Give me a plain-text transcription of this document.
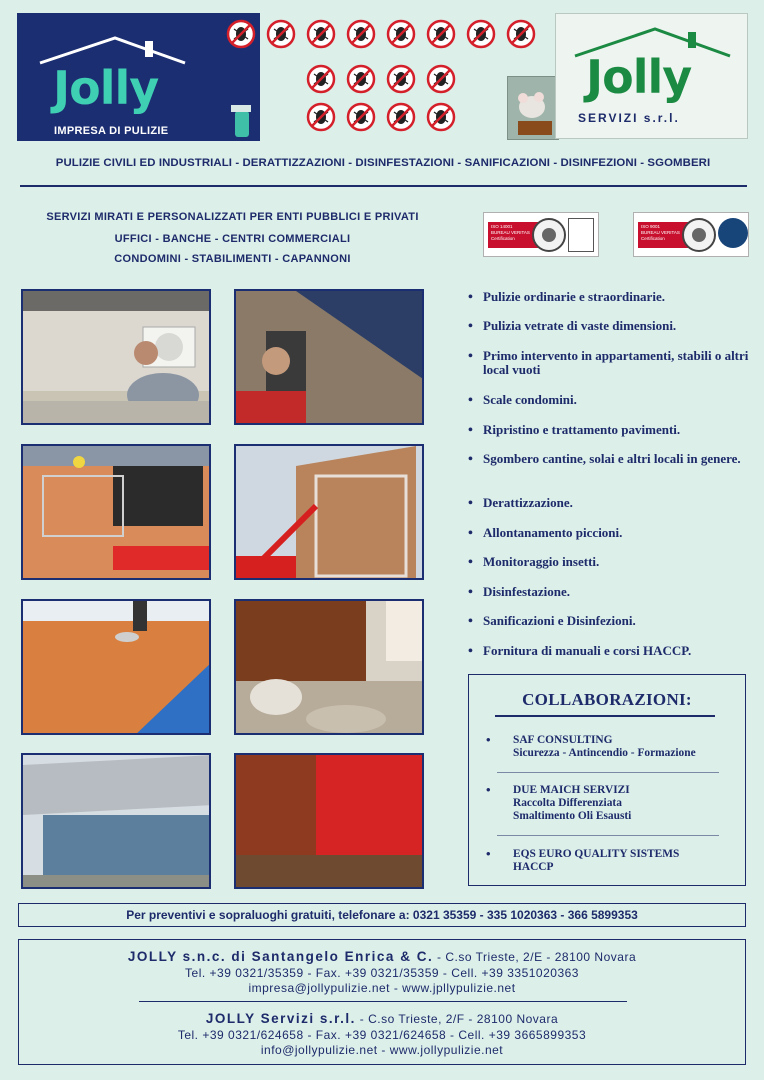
Jolly
IMPRESA DI PULIZIE
Jolly
SERVIZI s.r.l.
PULIZIE CIVILI ED INDUSTRIALI - DERATTIZZAZIONI - DISINFESTAZIONI - SANIFICAZIONI - DISINFEZIONI - SGOMBERI
SERVIZI MIRATI E PERSONALIZZATI PER ENTI PUBBLICI E PRIVATI
UFFICI - BANCHE - CENTRI COMMERCIALI
CONDOMINI - STABILIMENTI - CAPANNONI
ISO 14001
BUREAU VERITAS
Certification
ISO 9001
BUREAU VERITAS
Certification
• Pulizie ordinarie e straordinarie.
• Pulizia vetrate di vaste dimensioni.
• Primo intervento in appartamenti, stabili o altri local vuoti
• Scale condomini.
• Ripristino e trattamento pavimenti.
• Sgombero cantine, solai e altri locali in genere.
• Derattizzazione.
• Allontanamento piccioni.
• Monitoraggio insetti.
• Disinfestazione.
• Sanificazioni e Disinfezioni.
• Fornitura di manuali e corsi HACCP.
COLLABORAZIONI:
• SAF CONSULTING
Sicurezza - Antincendio - Formazione
• DUE MAICH SERVIZI
Raccolta Differenziata
Smaltimento Oli Esausti
• EQS EURO QUALITY SISTEMS
HACCP
Per preventivi e sopraluoghi gratuiti, telefonare a: 0321 35359 - 335 1020363 - 366 5899353
JOLLY s.n.c. di Santangelo Enrica & C. - C.so Trieste, 2/E - 28100 Novara
Tel. +39 0321/35359 - Fax. +39 0321/35359 - Cell. +39 3351020363
impresa@jollypulizie.net - www.jpllypulizie.net
JOLLY Servizi s.r.l. - C.so Trieste, 2/F - 28100 Novara
Tel. +39 0321/624658 - Fax. +39 0321/624658 - Cell. +39 3665899353
info@jollypulizie.net - www.jollypulizie.net
